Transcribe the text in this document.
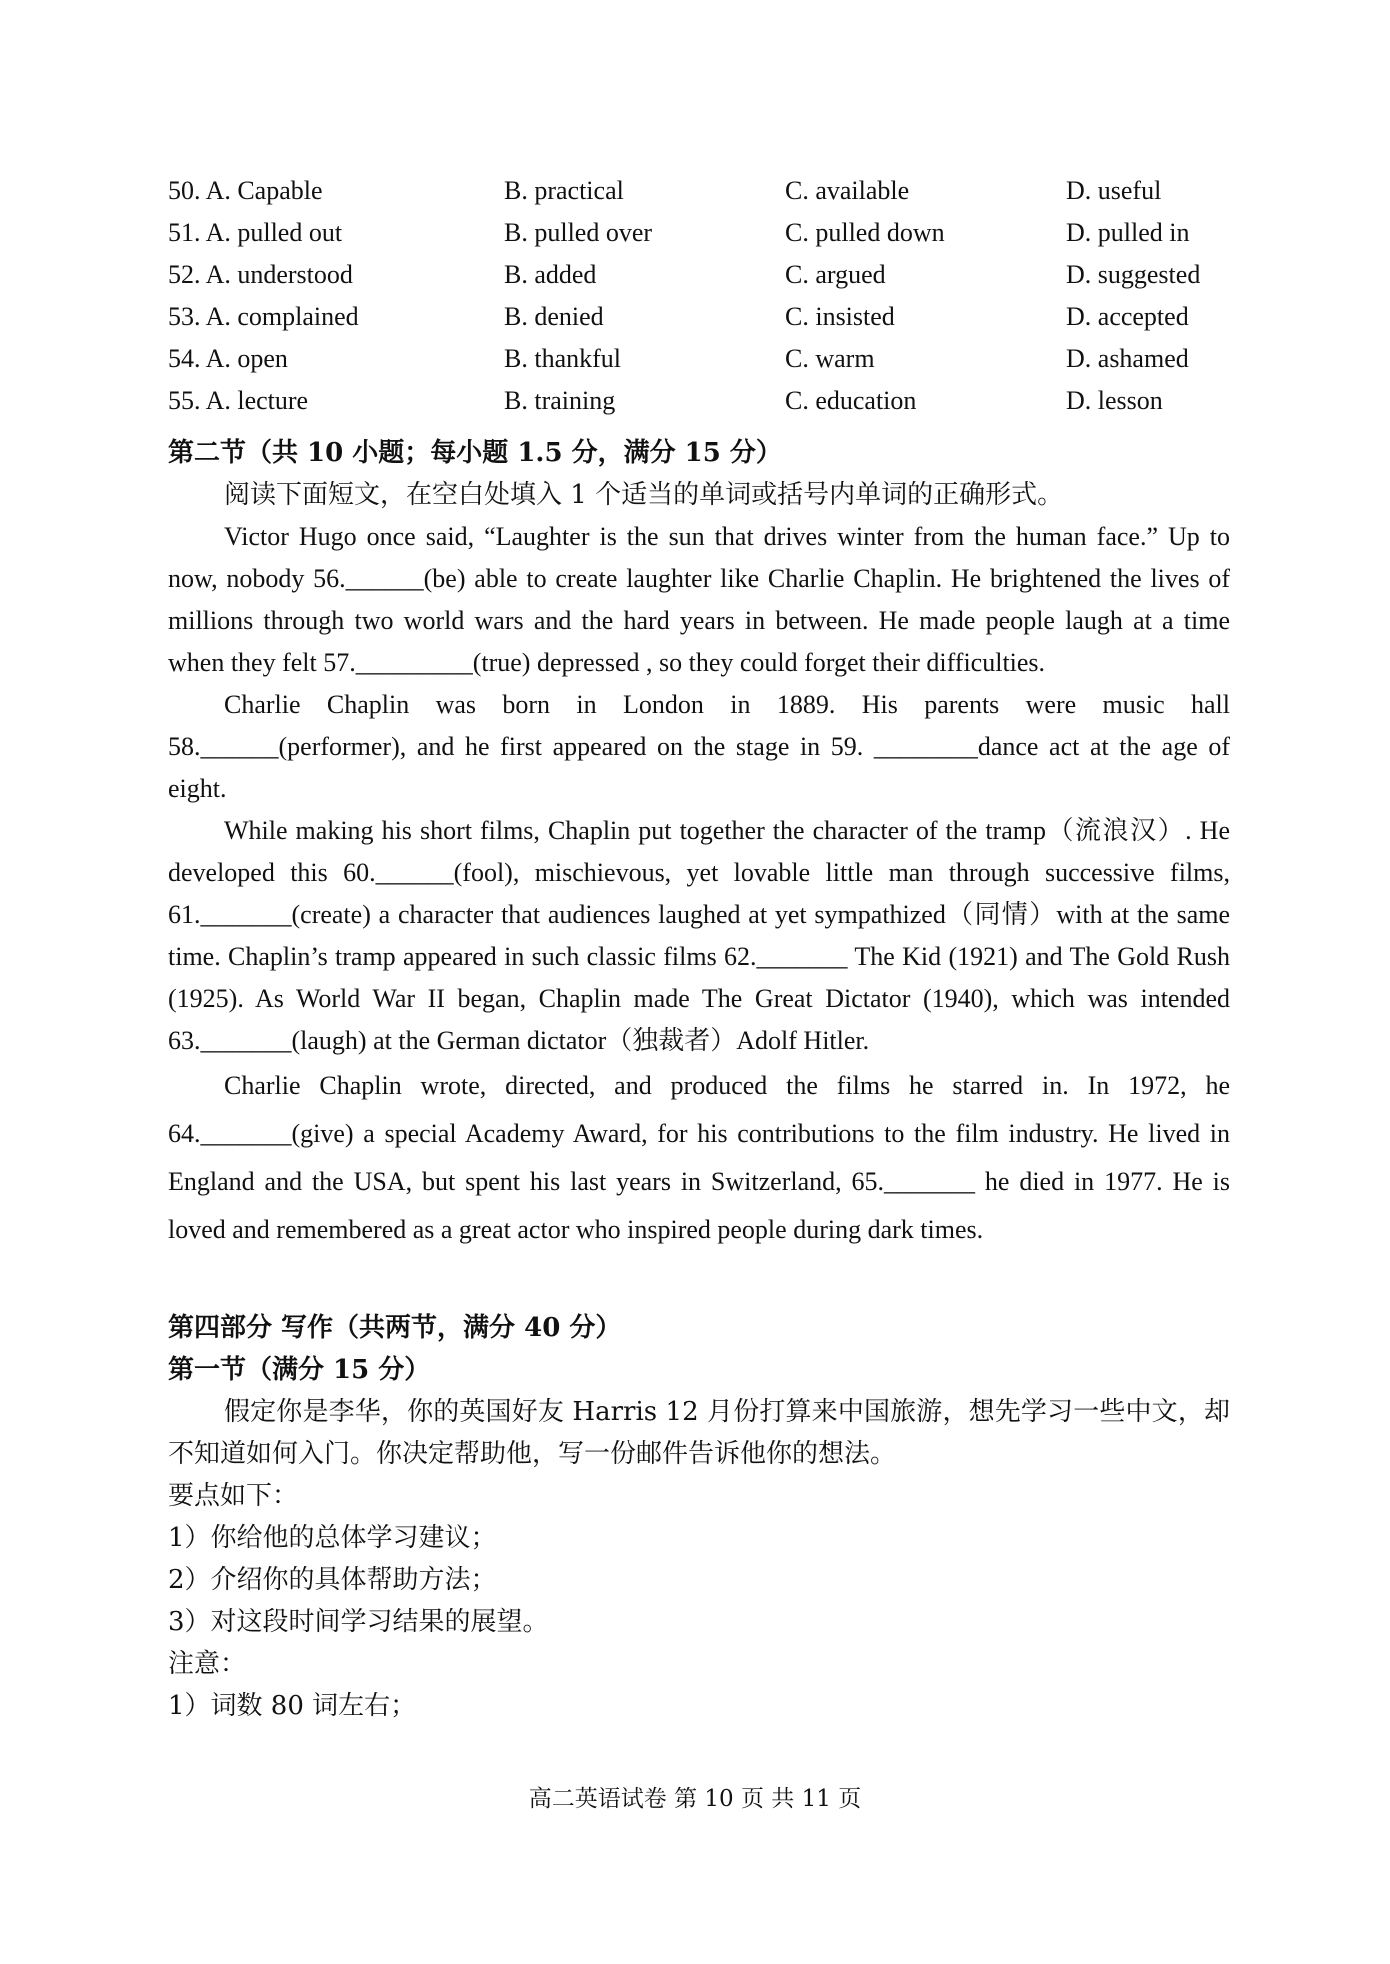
50. A. Capable	B. practical	C. available	D. useful
51. A. pulled out	B. pulled over	C. pulled down	D. pulled in
52. A. understood	B. added	C. argued	D. suggested
53. A. complained	B. denied	C. insisted	D. accepted
54. A. open	B. thankful	C. warm	D. ashamed
55. A. lecture	B. training	C. education	D. lesson
第二节（共 10 小题；每小题 1.5 分，满分 15 分）
阅读下面短文，在空白处填入 1 个适当的单词或括号内单词的正确形式。
Victor Hugo once said, “Laughter is the sun that drives winter from the human face.” Up to now, nobody 56.______(be) able to create laughter like Charlie Chaplin. He brightened the lives of millions through two world wars and the hard years in between. He made people laugh at a time when they felt 57._________(true) depressed , so they could forget their difficulties.
Charlie Chaplin was born in London in 1889. His parents were music hall 58.______(performer), and he first appeared on the stage in 59. ________dance act at the age of eight.
While making his short films, Chaplin put together the character of the tramp（流浪汉）. He developed this 60.______(fool), mischievous, yet lovable little man through successive films, 61._______(create) a character that audiences laughed at yet sympathized（同情）with at the same time. Chaplin’s tramp appeared in such classic films 62._______ The Kid (1921) and The Gold Rush (1925). As World War II began, Chaplin made The Great Dictator (1940), which was intended 63._______(laugh) at the German dictator（独裁者）Adolf Hitler.
Charlie Chaplin wrote, directed, and produced the films he starred in. In 1972, he 64._______(give) a special Academy Award, for his contributions to the film industry. He lived in England and the USA, but spent his last years in Switzerland, 65._______ he died in 1977. He is loved and remembered as a great actor who inspired people during dark times.
第四部分 写作（共两节，满分 40 分）
第一节（满分 15 分）
假定你是李华，你的英国好友 Harris 12 月份打算来中国旅游，想先学习一些中文，却不知道如何入门。你决定帮助他，写一份邮件告诉他你的想法。
要点如下：
1）你给他的总体学习建议；
2）介绍你的具体帮助方法；
3）对这段时间学习结果的展望。
注意：
1）词数 80 词左右；
高二英语试卷 第 10 页 共 11 页
